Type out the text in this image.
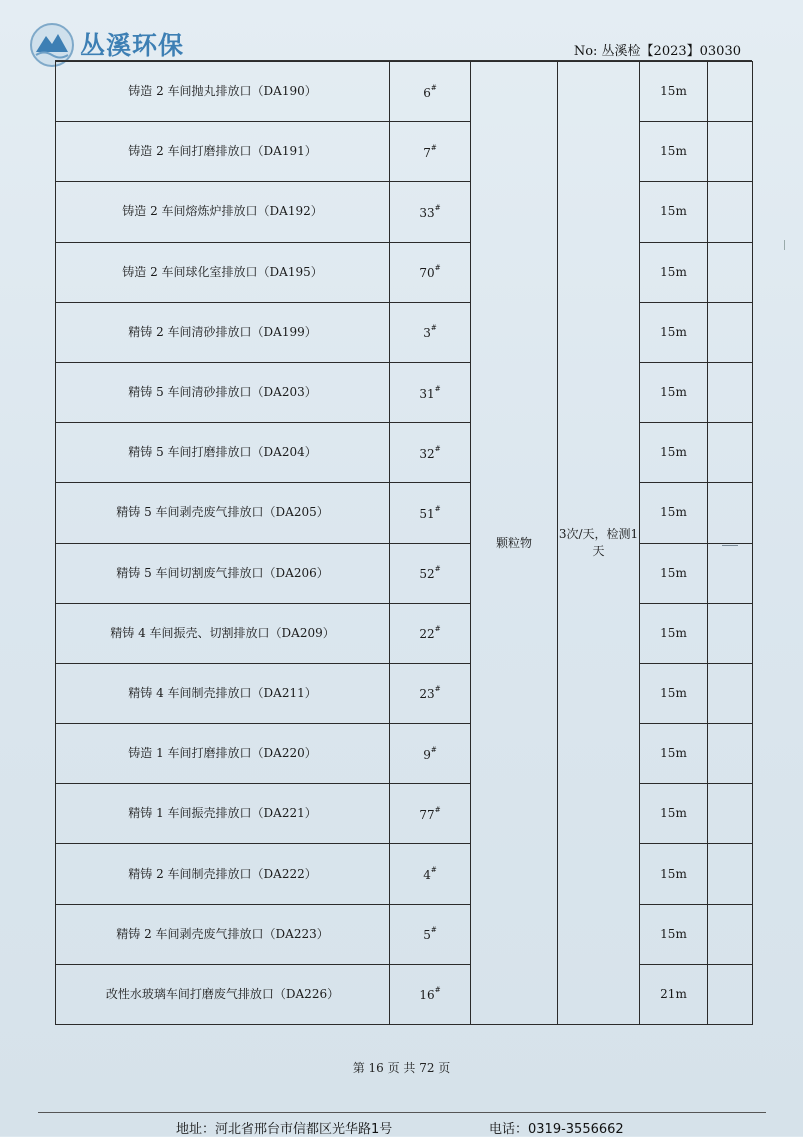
丛溪环保	No: 丛溪检【2023】03030
铸造 2 车间抛丸排放口（DA190）	6#	颗粒物	3次/天，检测1天	15m	
铸造 2 车间打磨排放口（DA191）	7#			15m	
铸造 2 车间熔炼炉排放口（DA192）	33#			15m	
铸造 2 车间球化室排放口（DA195）	70#			15m	
精铸 2 车间清砂排放口（DA199）	3#			15m	
精铸 5 车间清砂排放口（DA203）	31#			15m	
精铸 5 车间打磨排放口（DA204）	32#			15m	
精铸 5 车间剥壳废气排放口（DA205）	51#			15m	
精铸 5 车间切割废气排放口（DA206）	52#			15m	
精铸 4 车间振壳、切割排放口（DA209）	22#			15m	
精铸 4 车间制壳排放口（DA211）	23#			15m	
铸造 1 车间打磨排放口（DA220）	9#			15m	
精铸 1 车间振壳排放口（DA221）	77#			15m	
精铸 2 车间制壳排放口（DA222）	4#			15m	
精铸 2 车间剥壳废气排放口（DA223）	5#			15m	
改性水玻璃车间打磨废气排放口（DA226）	16#			21m	
第 16 页 共 72 页
地址：河北省邢台市信都区光华路1号	电话：0319-3556662
